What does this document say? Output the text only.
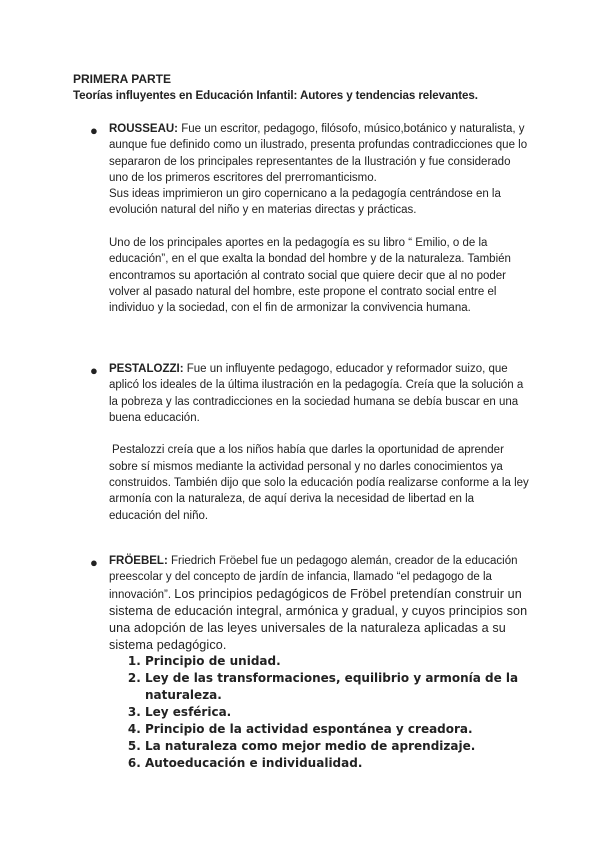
PRIMERA PARTE
Teorías influyentes en Educación Infantil: Autores y tendencias relevantes.
● ROUSSEAU: Fue un escritor, pedagogo, filósofo, músico,botánico y naturalista, y aunque fue definido como un ilustrado, presenta profundas contradicciones que lo separaron de los principales representantes de la Ilustración y fue considerado uno de los primeros escritores del prerromanticismo.

Sus ideas imprimieron un giro copernicano a la pedagogía centrándose en la evolución natural del niño y en materias directas y prácticas.

Uno de los principales aportes en la pedagogía es su libro “ Emilio, o de la educación”, en el que exalta la bondad del hombre y de la naturaleza. También encontramos su aportación al contrato social que quiere decir que al no poder volver al pasado natural del hombre, este propone el contrato social entre el individuo y la sociedad, con el fin de armonizar la convivencia humana.

● PESTALOZZI: Fue un influyente pedagogo, educador y reformador suizo, que aplicó los ideales de la última ilustración en la pedagogía. Creía que la solución a la pobreza y las contradicciones en la sociedad humana se debía buscar en una buena educación.

Pestalozzi creía que a los niños había que darles la oportunidad de aprender sobre sí mismos mediante la actividad personal y no darles conocimientos ya construidos. También dijo que solo la educación podía realizarse conforme a la ley armonía con la naturaleza, de aquí deriva la necesidad de libertad en la educación del niño.

● FRÖEBEL: Friedrich Fröebel fue un pedagogo alemán, creador de la educación preescolar y del concepto de jardín de infancia, llamado “el pedagogo de la innovación”. Los principios pedagógicos de Fröbel pretendían construir un sistema de educación integral, armónica y gradual, y cuyos principios son una adopción de las leyes universales de la naturaleza aplicadas a su sistema pedagógico.

1. Principio de unidad.
2. Ley de las transformaciones, equilibrio y armonía de la naturaleza.
3. Ley esférica.
4. Principio de la actividad espontánea y creadora.
5. La naturaleza como mejor medio de aprendizaje.
6. Autoeducación e individualidad.
